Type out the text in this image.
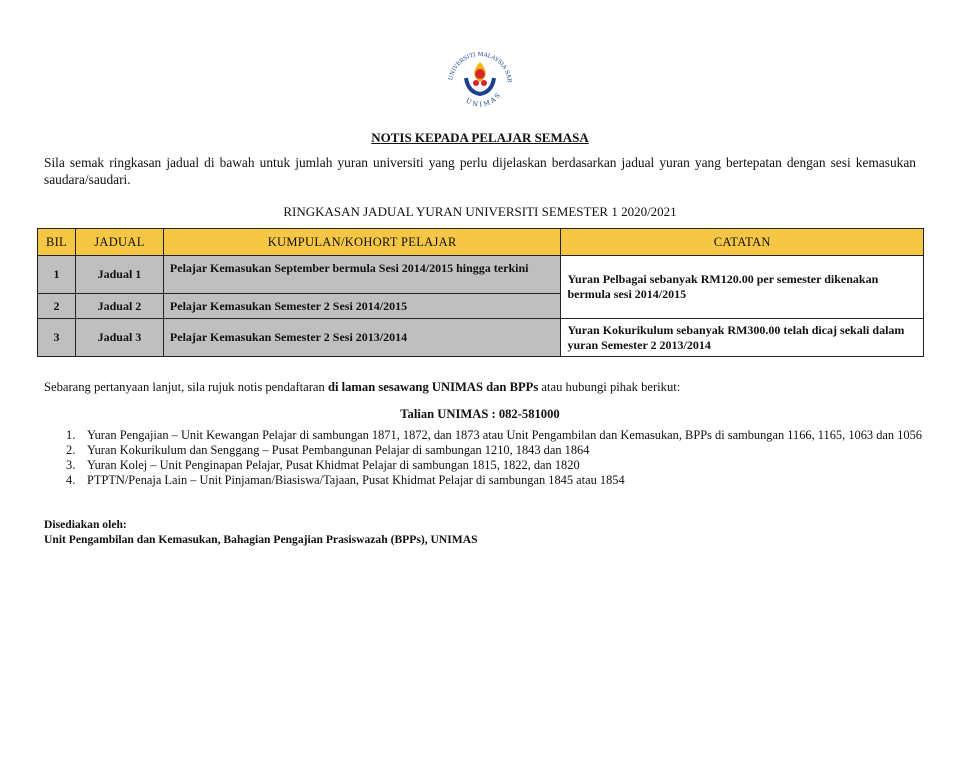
UNIVERSITI MALAYSIA SAR
UNIMAS

NOTIS KEPADA PELAJAR SEMASA

Sila semak ringkasan jadual di bawah untuk jumlah yuran universiti yang perlu dijelaskan berdasarkan jadual yuran yang bertepatan dengan sesi kemasukan saudara/saudari.

RINGKASAN JADUAL YURAN UNIVERSITI SEMESTER 1 2020/2021

BIL	JADUAL	KUMPULAN/KOHORT PELAJAR	CATATAN
1	Jadual 1	Pelajar Kemasukan September bermula Sesi 2014/2015 hingga terkini	Yuran Pelbagai sebanyak RM120.00 per semester dikenakan bermula sesi 2014/2015
2	Jadual 2	Pelajar Kemasukan Semester 2 Sesi 2014/2015	
3	Jadual 3	Pelajar Kemasukan Semester 2 Sesi 2013/2014	Yuran Kokurikulum sebanyak RM300.00 telah dicaj sekali dalam yuran Semester 2 2013/2014

Sebarang pertanyaan lanjut, sila rujuk notis pendaftaran di laman sesawang UNIMAS dan BPPs atau hubungi pihak berikut:

Talian UNIMAS : 082-581000

1. Yuran Pengajian – Unit Kewangan Pelajar di sambungan 1871, 1872, dan 1873 atau Unit Pengambilan dan Kemasukan, BPPs di sambungan 1166, 1165, 1063 dan 1056
2. Yuran Kokurikulum dan Senggang – Pusat Pembangunan Pelajar di sambungan 1210, 1843 dan 1864
3. Yuran Kolej – Unit Penginapan Pelajar, Pusat Khidmat Pelajar di sambungan 1815, 1822, dan 1820
4. PTPTN/Penaja Lain – Unit Pinjaman/Biasiswa/Tajaan, Pusat Khidmat Pelajar di sambungan 1845 atau 1854

Disediakan oleh:
Unit Pengambilan dan Kemasukan, Bahagian Pengajian Prasiswazah (BPPs), UNIMAS
